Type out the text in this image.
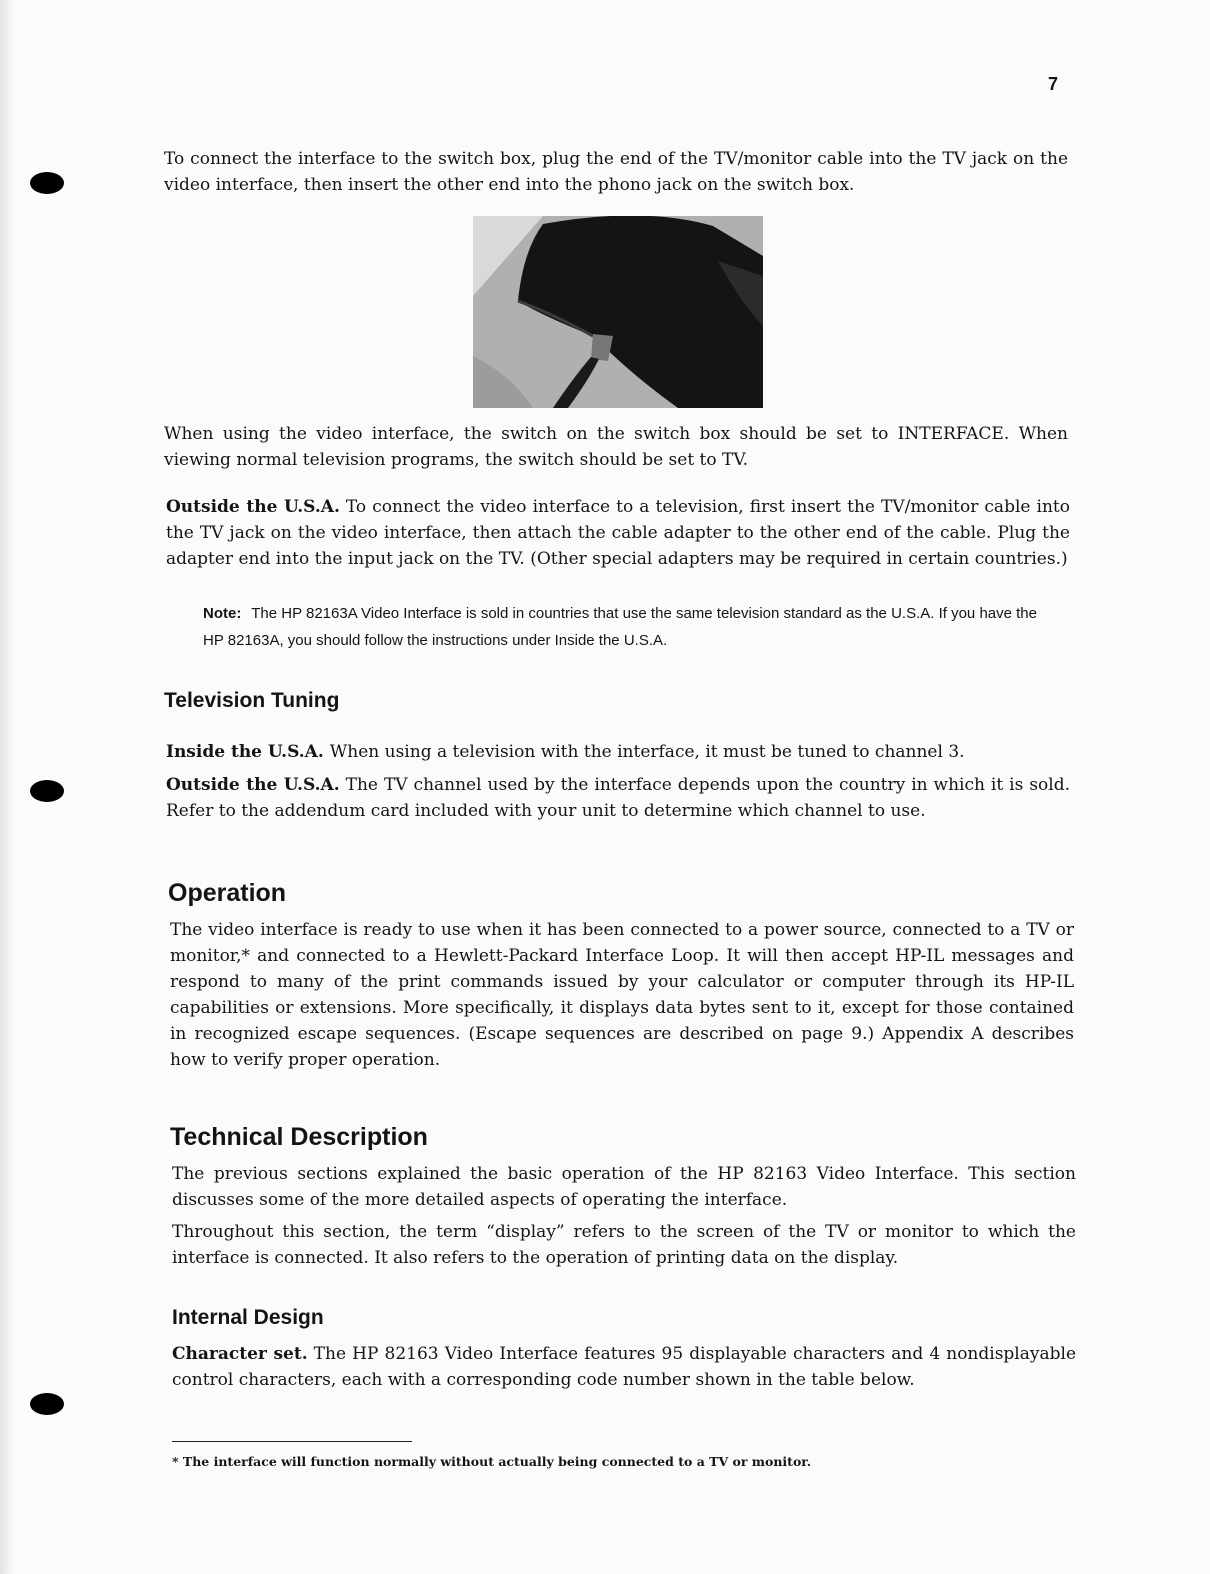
7

To connect the interface to the switch box, plug the end of the TV/monitor cable into the TV jack on the video interface, then insert the other end into the phono jack on the switch box.

When using the video interface, the switch on the switch box should be set to INTERFACE. When viewing normal television programs, the switch should be set to TV.

Outside the U.S.A. To connect the video interface to a television, first insert the TV/monitor cable into the TV jack on the video interface, then attach the cable adapter to the other end of the cable. Plug the adapter end into the input jack on the TV. (Other special adapters may be required in certain countries.)

Note: The HP 82163A Video Interface is sold in countries that use the same television standard as the U.S.A. If you have the HP 82163A, you should follow the instructions under Inside the U.S.A.

Television Tuning

Inside the U.S.A. When using a television with the interface, it must be tuned to channel 3.

Outside the U.S.A. The TV channel used by the interface depends upon the country in which it is sold. Refer to the addendum card included with your unit to determine which channel to use.

Operation

The video interface is ready to use when it has been connected to a power source, connected to a TV or monitor,* and connected to a Hewlett-Packard Interface Loop. It will then accept HP-IL messages and respond to many of the print commands issued by your calculator or computer through its HP-IL capabilities or extensions. More specifically, it displays data bytes sent to it, except for those contained in recognized escape sequences. (Escape sequences are described on page 9.) Appendix A describes how to verify proper operation.

Technical Description

The previous sections explained the basic operation of the HP 82163 Video Interface. This section discusses some of the more detailed aspects of operating the interface.

Throughout this section, the term “display” refers to the screen of the TV or monitor to which the interface is connected. It also refers to the operation of printing data on the display.

Internal Design

Character set. The HP 82163 Video Interface features 95 displayable characters and 4 nondisplayable control characters, each with a corresponding code number shown in the table below.

* The interface will function normally without actually being connected to a TV or monitor.
